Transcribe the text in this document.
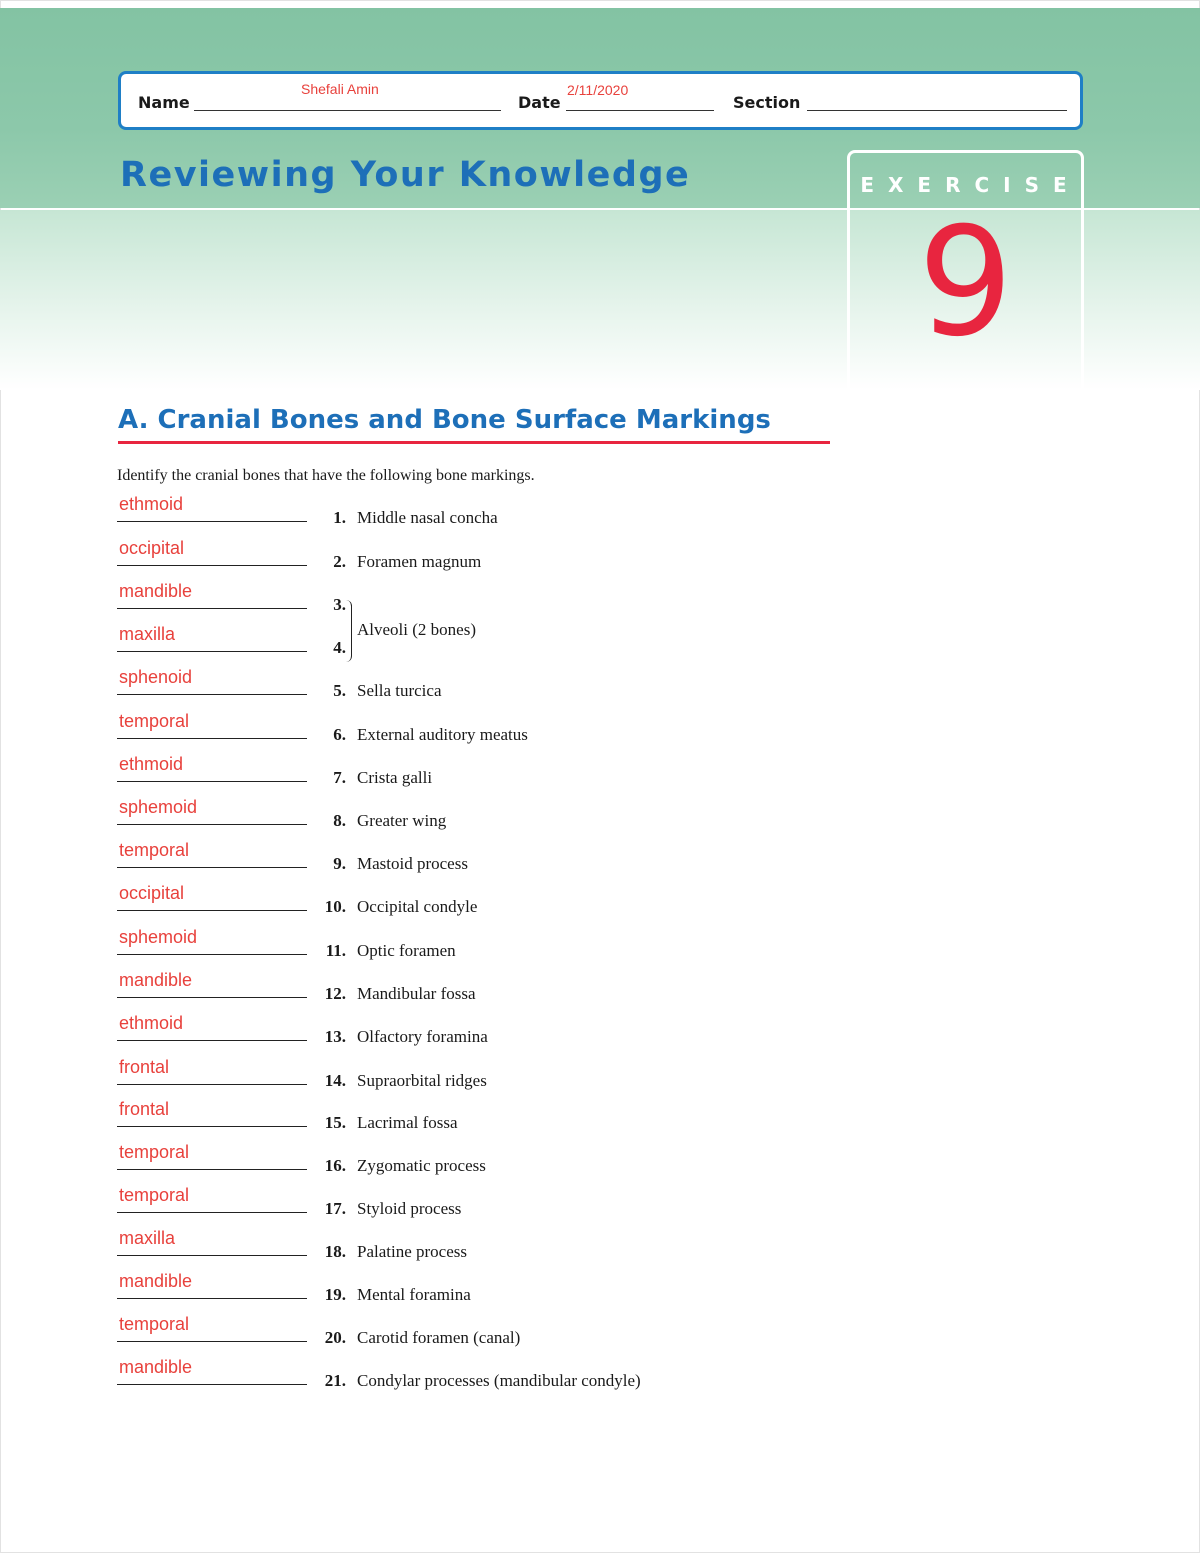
Name
Shefali Amin
Date
2/11/2020
Section
Reviewing Your Knowledge	EXERCISE
9
A. Cranial Bones and Bone Surface Markings
Identify the cranial bones that have the following bone markings.
ethmoid
1. Middle nasal concha
occipital
2. Foramen magnum
mandible
3.
maxilla
4.
sphenoid
5. Sella turcica
temporal
6. External auditory meatus
ethmoid
7. Crista galli
sphemoid
8. Greater wing
temporal
9. Mastoid process
occipital
10. Occipital condyle
sphemoid
11. Optic foramen
mandible
12. Mandibular fossa
ethmoid
13. Olfactory foramina
frontal
14. Supraorbital ridges
frontal
15. Lacrimal fossa
temporal
16. Zygomatic process
temporal
17. Styloid process
maxilla
18. Palatine process
mandible
19. Mental foramina
temporal
20. Carotid foramen (canal)
mandible
21. Condylar processes (mandibular condyle)
Alveoli (2 bones)
